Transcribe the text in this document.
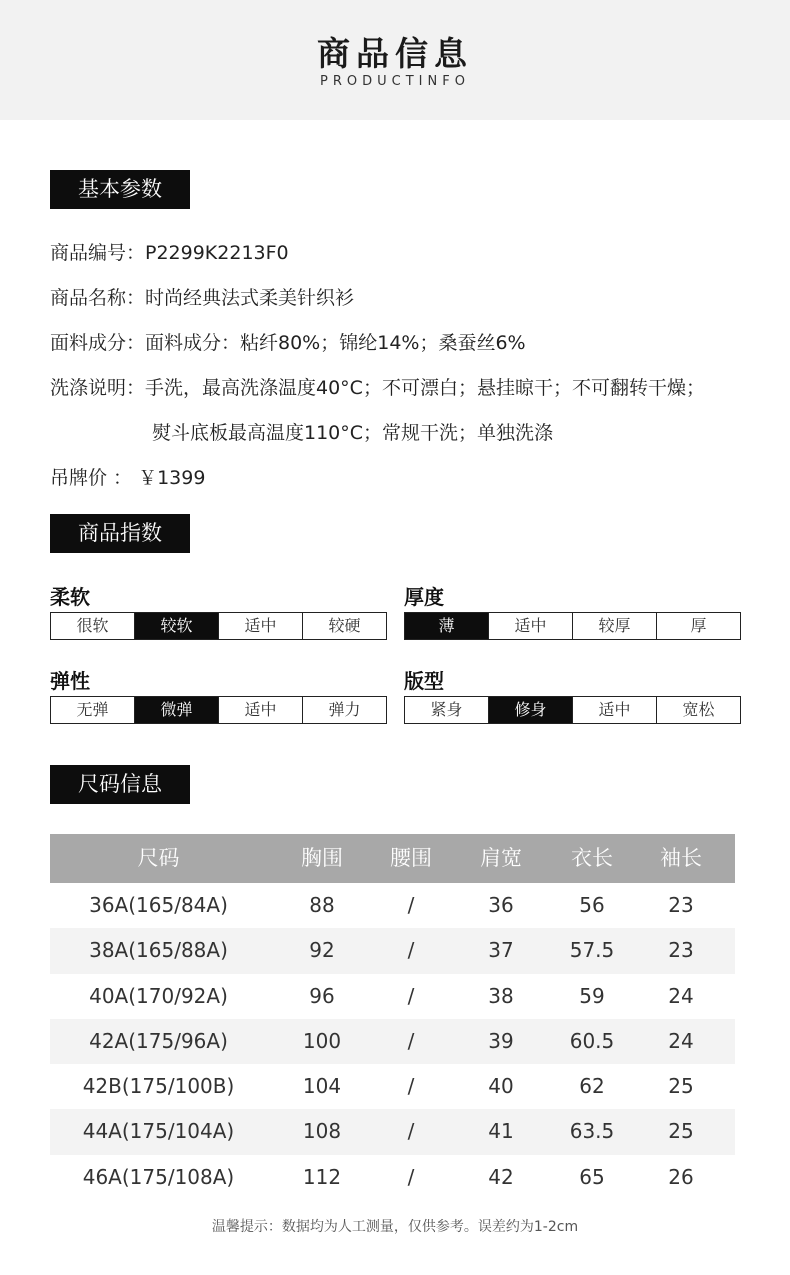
商品信息
PRODUCTINFO
基本参数
商品编号：P2299K2213F0
商品名称：时尚经典法式柔美针织衫
面料成分：面料成分：粘纤80%；锦纶14%；桑蚕丝6%
洗涤说明：手洗，最高洗涤温度40°C；不可漂白；悬挂晾干；不可翻转干燥；
熨斗底板最高温度110°C；常规干洗；单独洗涤
吊牌价 ： ￥1399
商品指数
柔软
很软	较软	适中	较硬
厚度
薄	适中	较厚	厚
弹性
无弹	微弹	适中	弹力
版型
紧身	修身	适中	宽松
尺码信息
尺码	胸围	腰围	肩宽	衣长	袖长
36A(165/84A)	88	/	36	56	23
38A(165/88A)	92	/	37	57.5	23
40A(170/92A)	96	/	38	59	24
42A(175/96A)	100	/	39	60.5	24
42B(175/100B)	104	/	40	62	25
44A(175/104A)	108	/	41	63.5	25
46A(175/108A)	112	/	42	65	26
温馨提示：数据均为人工测量，仅供参考。误差约为1-2cm
